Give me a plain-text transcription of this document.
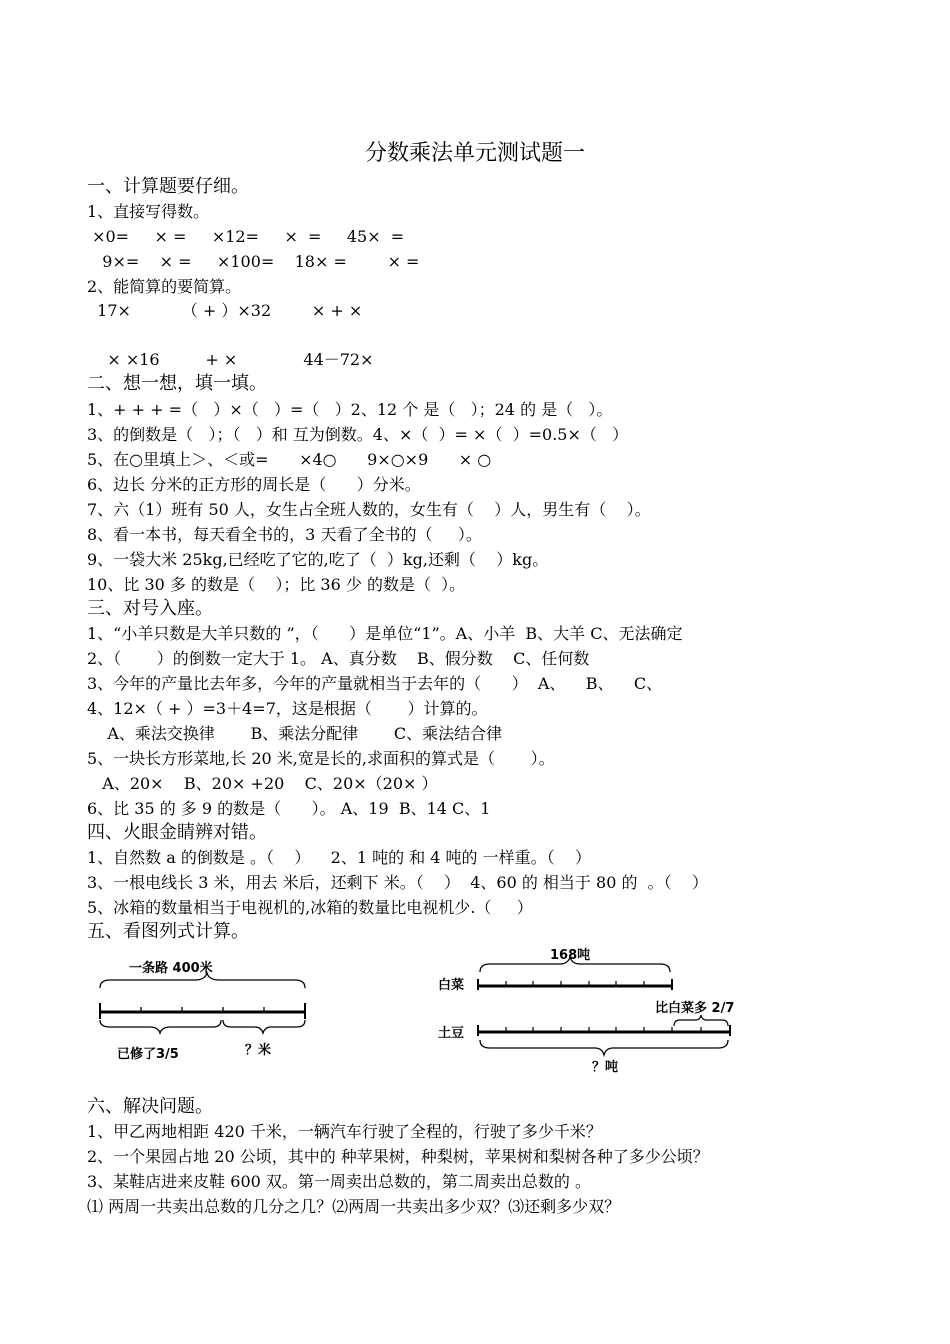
分数乘法单元测试题一
一、计算题要仔细。
1、直接写得数。
×0=     × =     ×12=     ×  =     45×  =
9×=    × =     ×100=    18× =        × =
2、能简算的要简算。
17×          （ + ）×32        × + ×
× ×16         + ×             44－72×
二、想一想，填一填。
1、+ + + =（   ）×（   ）=（   ）2、12 个 是（   ）；24 的 是（   ）。
3、的倒数是（   ）；（   ）和 互为倒数。4、×（  ）= ×（  ）=0.5×（   ）
5、在○里填上＞、＜或=      ×4○      9×○×9      × ○
6、边长 分米的正方形的周长是（      ）分米。
7、六（1）班有 50 人，女生占全班人数的，女生有（    ）人，男生有（    ）。
8、看一本书，每天看全书的，3 天看了全书的（     ）。
9、一袋大米 25kg,已经吃了它的,吃了（  ）kg,还剩（    ）kg。
10、比 30 多 的数是（    ）；比 36 少 的数是（  ）。
三、对号入座。
1、“小羊只数是大羊只数的 ”，（      ）是单位“1”。A、小羊  B、大羊 C、无法确定
2、（       ）的倒数一定大于 1。 A、真分数    B、假分数    C、任何数
3、今年的产量比去年多，今年的产量就相当于去年的（      ）  A、    B、    C、
4、12×（ + ）=3＋4=7，这是根据（       ）计算的。
A、乘法交换律       B、乘法分配律       C、乘法结合律
5、一块长方形菜地,长 20 米,宽是长的,求面积的算式是（       ）。
A、20×    B、20× +20    C、20×（20× ）
6、比 35 的 多 9 的数是（      ）。 A、19  B、14 C、1
四、火眼金睛辨对错。
1、自然数 a 的倒数是 。（    ）    2、1 吨的 和 4 吨的 一样重。（    ）
3、一根电线长 3 米，用去 米后，还剩下 米。（    ）  4、60 的 相当于 80 的  。（    ）
5、冰箱的数量相当于电视机的,冰箱的数量比电视机少.（     ）
五、看图列式计算。
六、解决问题。
1、甲乙两地相距 420 千米，一辆汽车行驶了全程的，行驶了多少千米？
2、一个果园占地 20 公顷，其中的 种苹果树，种梨树，苹果树和梨树各种了多少公顷？
3、某鞋店进来皮鞋 600 双。第一周卖出总数的，第二周卖出总数的 。
⑴ 两周一共卖出总数的几分之几？⑵两周一共卖出多少双？⑶还剩多少双？
一条路 400米
已修了3/5	？米
168吨
白菜
土豆
比白菜多 2/7
？吨
